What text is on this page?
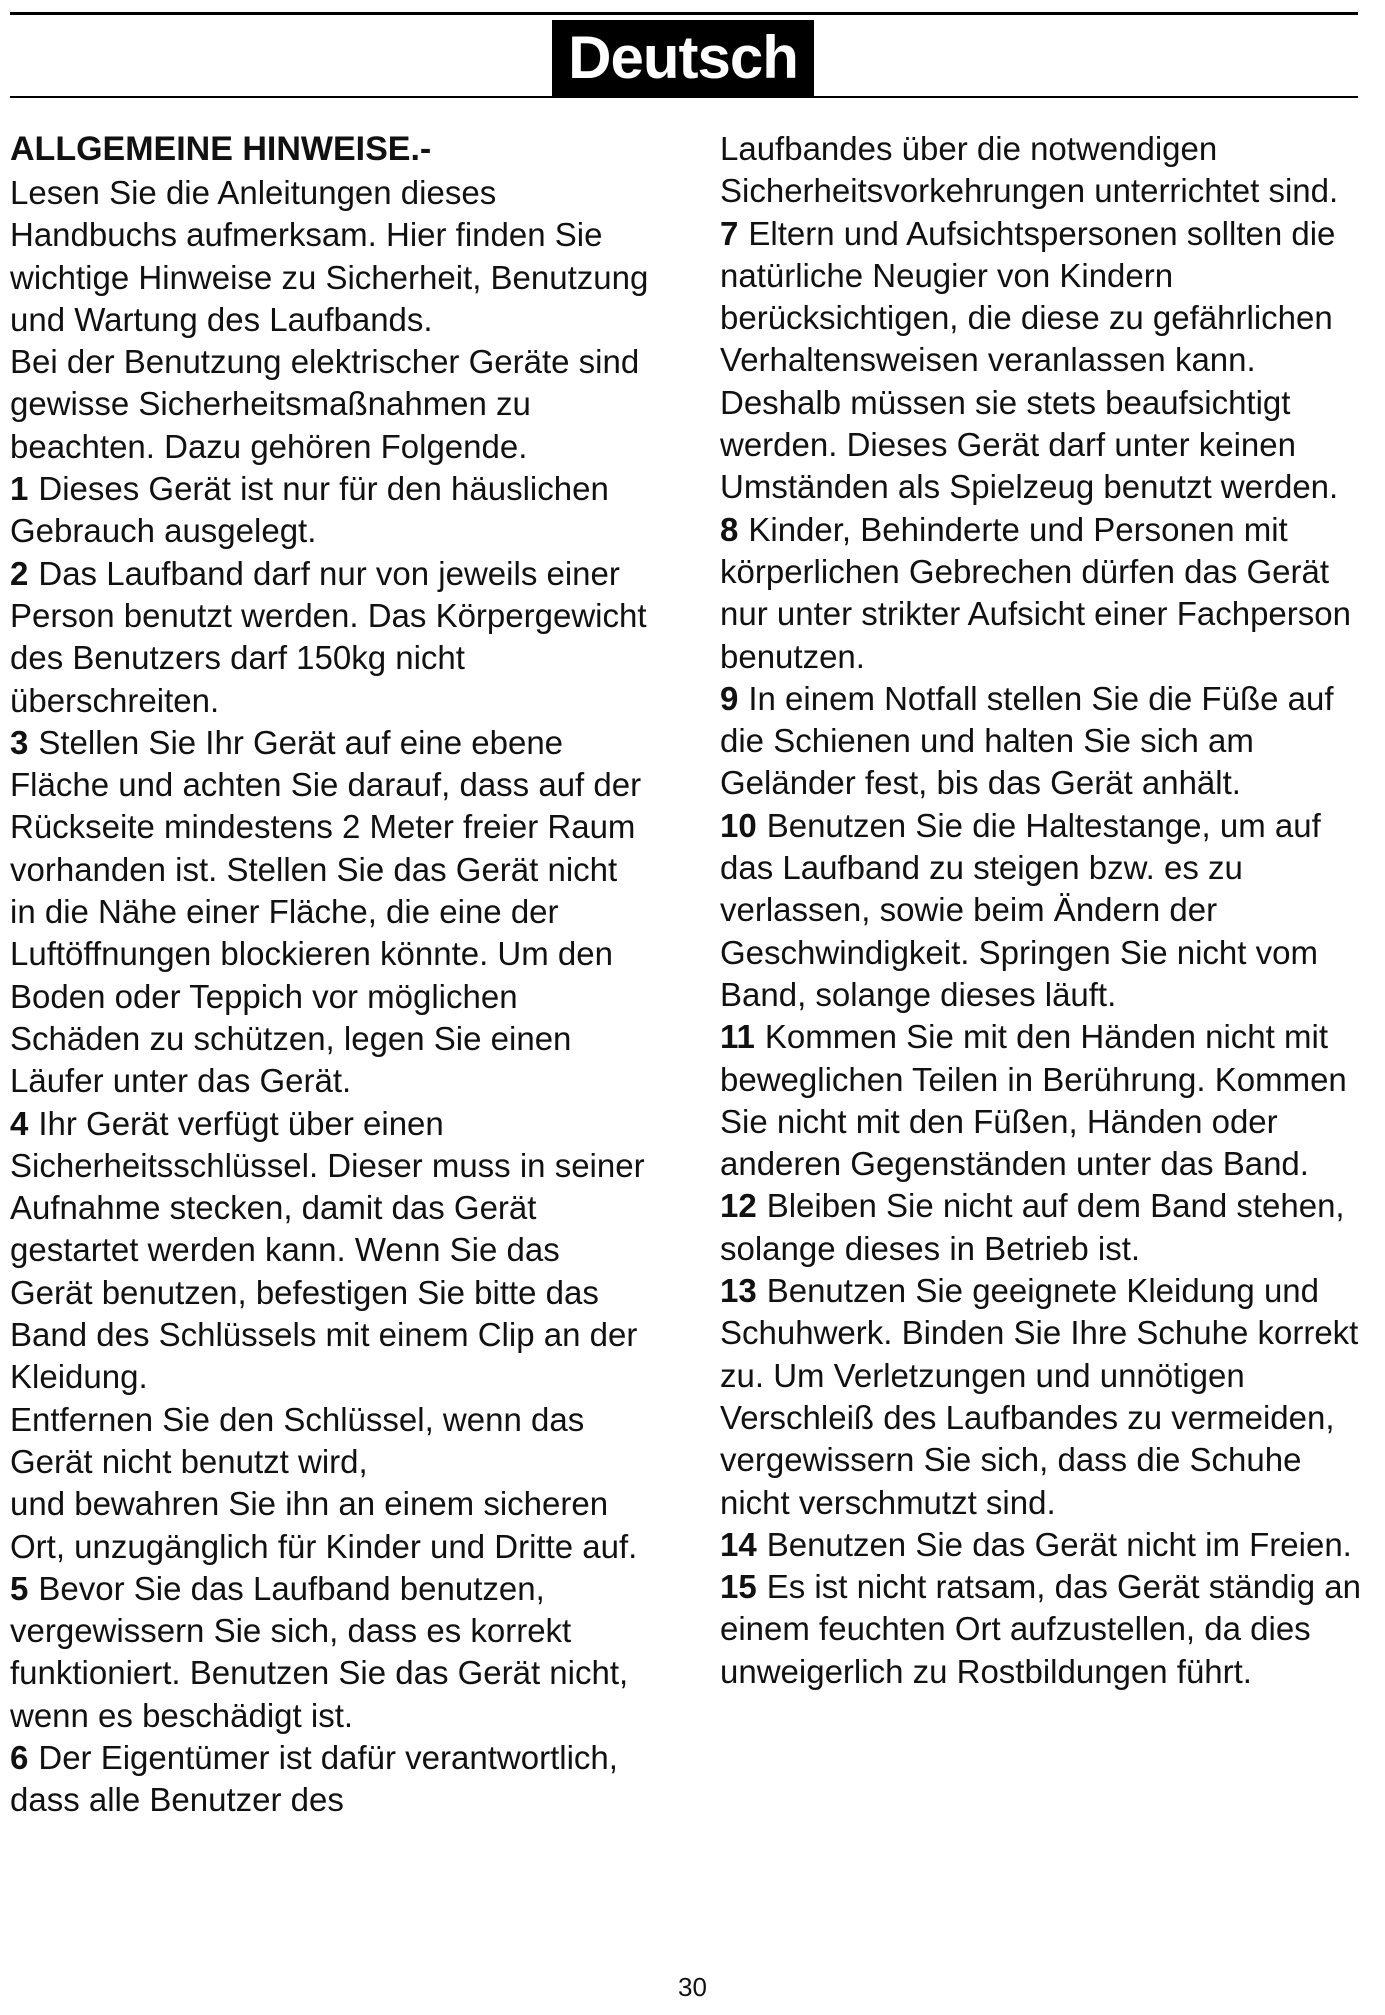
Deutsch
ALLGEMEINE HINWEISE.-

Lesen Sie die Anleitungen dieses Handbuchs aufmerksam. Hier finden Sie wichtige Hinweise zu Sicherheit, Benutzung und Wartung des Laufbands.

Bei der Benutzung elektrischer Geräte sind gewisse Sicherheitsmaßnahmen zu beachten. Dazu gehören Folgende.

1 Dieses Gerät ist nur für den häuslichen Gebrauch ausgelegt.

2 Das Laufband darf nur von jeweils einer Person benutzt werden. Das Körpergewicht des Benutzers darf 150kg nicht überschreiten.

3 Stellen Sie Ihr Gerät auf eine ebene Fläche und achten Sie darauf, dass auf der Rückseite mindestens 2 Meter freier Raum vorhanden ist. Stellen Sie das Gerät nicht in die Nähe einer Fläche, die eine der Luftöffnungen blockieren könnte. Um den Boden oder Teppich vor möglichen Schäden zu schützen, legen Sie einen Läufer unter das Gerät.

4 Ihr Gerät verfügt über einen Sicherheitsschlüssel. Dieser muss in seiner Aufnahme stecken, damit das Gerät gestartet werden kann. Wenn Sie das Gerät benutzen, befestigen Sie bitte das Band des Schlüssels mit einem Clip an der Kleidung.

Entfernen Sie den Schlüssel, wenn das Gerät nicht benutzt wird,

und bewahren Sie ihn an einem sicheren Ort, unzugänglich für Kinder und Dritte auf.

5 Bevor Sie das Laufband benutzen, vergewissern Sie sich, dass es korrekt funktioniert. Benutzen Sie das Gerät nicht, wenn es beschädigt ist.

6 Der Eigentümer ist dafür verantwortlich, dass alle Benutzer des

Laufbandes über die notwendigen Sicherheitsvorkehrungen unterrichtet sind.

7 Eltern und Aufsichtspersonen sollten die natürliche Neugier von Kindern berücksichtigen, die diese zu gefährlichen Verhaltensweisen veranlassen kann. Deshalb müssen sie stets beaufsichtigt werden. Dieses Gerät darf unter keinen Umständen als Spielzeug benutzt werden.

8 Kinder, Behinderte und Personen mit körperlichen Gebrechen dürfen das Gerät nur unter strikter Aufsicht einer Fachperson benutzen.

9 In einem Notfall stellen Sie die Füße auf die Schienen und halten Sie sich am Geländer fest, bis das Gerät anhält.

10 Benutzen Sie die Haltestange, um auf das Laufband zu steigen bzw. es zu verlassen, sowie beim Ändern der Geschwindigkeit. Springen Sie nicht vom Band, solange dieses läuft.

11 Kommen Sie mit den Händen nicht mit beweglichen Teilen in Berührung. Kommen Sie nicht mit den Füßen, Händen oder anderen Gegenständen unter das Band.

12 Bleiben Sie nicht auf dem Band stehen, solange dieses in Betrieb ist.

13 Benutzen Sie geeignete Kleidung und Schuhwerk. Binden Sie Ihre Schuhe korrekt zu. Um Verletzungen und unnötigen Verschleiß des Laufbandes zu vermeiden, vergewissern Sie sich, dass die Schuhe nicht verschmutzt sind.

14 Benutzen Sie das Gerät nicht im Freien.

15 Es ist nicht ratsam, das Gerät ständig an einem feuchten Ort aufzustellen, da dies unweigerlich zu Rostbildungen führt.

30
